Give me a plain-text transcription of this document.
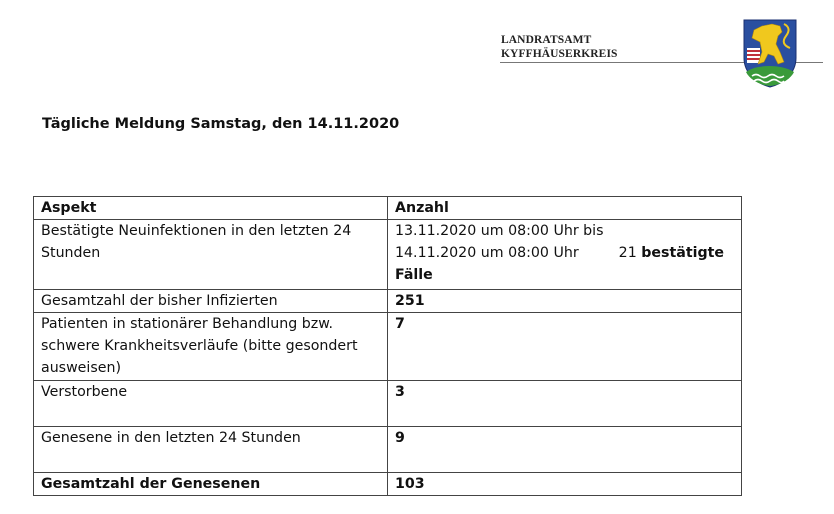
LANDRATSAMT
KYFFHÄUSERKREIS
Tägliche Meldung Samstag, den 14.11.2020
Aspekt	Anzahl
Bestätigte Neuinfektionen in den letzten 24 Stunden	13.11.2020 um 08:00 Uhr bis
14.11.2020 um 08:00 Uhr 21 bestätigte
Fälle

Gesamtzahl der bisher Infizierten	251
Patienten in stationärer Behandlung bzw. schwere Krankheitsverläufe (bitte gesondert ausweisen)	7
Verstorbene	3
Genesene in den letzten 24 Stunden	9
Gesamtzahl der Genesenen	103
